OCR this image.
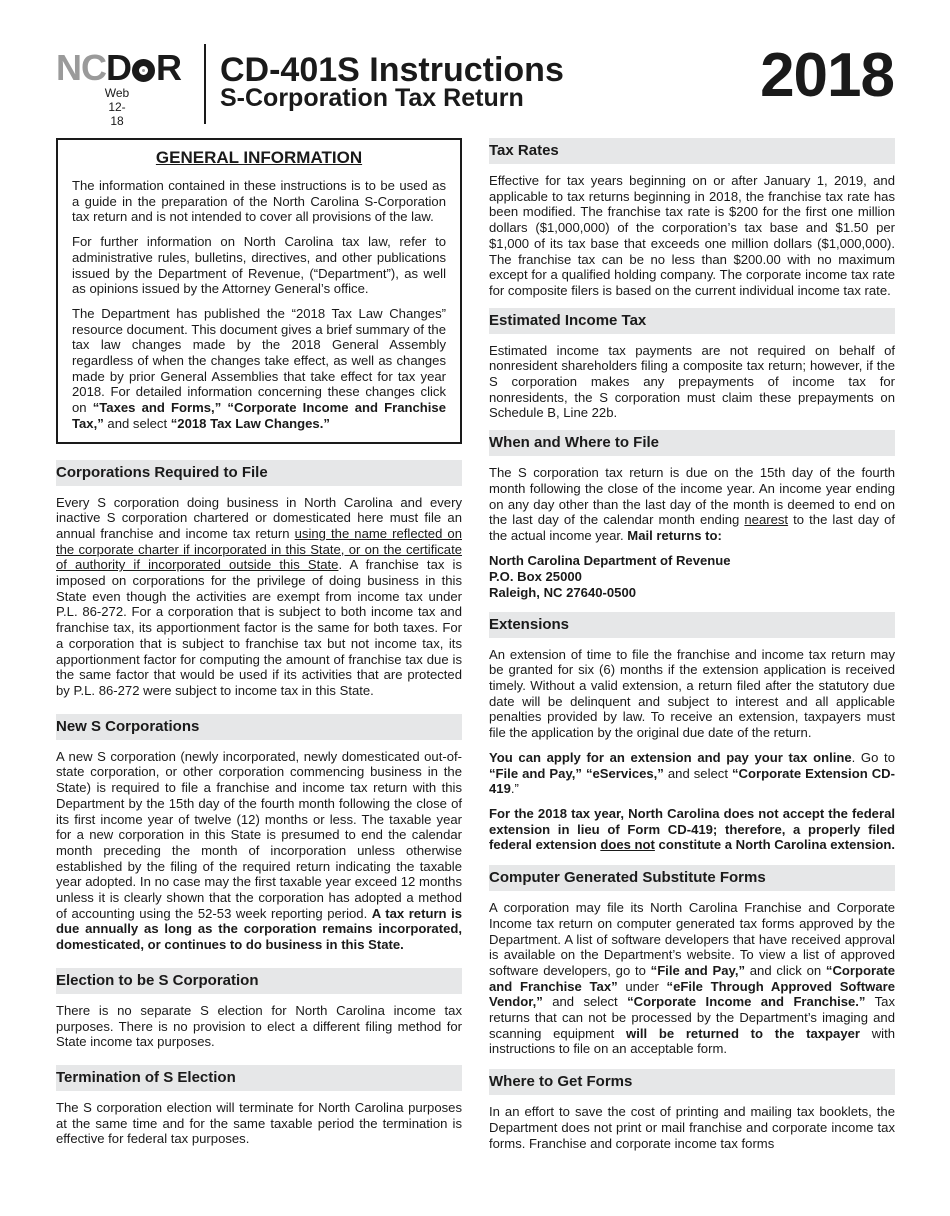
NCD R
Web
12-18
CD-401S Instructions
S-Corporation Tax Return	2018
GENERAL INFORMATION

The information contained in these instructions is to be used as a guide in the preparation of the North Carolina S-Corporation tax return and is not intended to cover all provisions of the law.

For further information on North Carolina tax law, refer to administrative rules, bulletins, directives, and other publications issued by the Department of Revenue, (“Department”), as well as opinions issued by the Attorney General’s office.

The Department has published the “2018 Tax Law Changes” resource document. This document gives a brief summary of the tax law changes made by the 2018 General Assembly regardless of when the changes take effect, as well as changes made by prior General Assemblies that take effect for tax year 2018. For detailed information concerning these changes click on “Taxes and Forms,” “Corporate Income and Franchise Tax,” and select “2018 Tax Law Changes.”

Corporations Required to File

Every S corporation doing business in North Carolina and every inactive S corporation chartered or domesticated here must file an annual franchise and income tax return using the name reflected on the corporate charter if incorporated in this State, or on the certificate of authority if incorporated outside this State. A franchise tax is imposed on corporations for the privilege of doing business in this State even though the activities are exempt from income tax under P.L. 86-272. For a corporation that is subject to both income tax and franchise tax, its apportionment factor is the same for both taxes. For a corporation that is subject to franchise tax but not income tax, its apportionment factor for computing the amount of franchise tax due is the same factor that would be used if its activities that are protected by P.L. 86-272 were subject to income tax in this State.

New S Corporations

A new S corporation (newly incorporated, newly domesticated out-of-state corporation, or other corporation commencing business in the State) is required to file a franchise and income tax return with this Department by the 15th day of the fourth month following the close of its first income year of twelve (12) months or less. The taxable year for a new corporation in this State is presumed to end the calendar month preceding the month of incorporation unless otherwise established by the filing of the required return indicating the taxable year adopted. In no case may the first taxable year exceed 12 months unless it is clearly shown that the corporation has adopted a method of accounting using the 52-53 week reporting period. A tax return is due annually as long as the corporation remains incorporated, domesticated, or continues to do business in this State.

Election to be S Corporation

There is no separate S election for North Carolina income tax purposes. There is no provision to elect a different filing method for State income tax purposes.

Termination of S Election

The S corporation election will terminate for North Carolina purposes at the same time and for the same taxable period the termination is effective for federal tax purposes.

Tax Rates

Effective for tax years beginning on or after January 1, 2019, and applicable to tax returns beginning in 2018, the franchise tax rate has been modified. The franchise tax rate is $200 for the first one million dollars ($1,000,000) of the corporation’s tax base and $1.50 per $1,000 of its tax base that exceeds one million dollars ($1,000,000). The franchise tax can be no less than $200.00 with no maximum except for a qualified holding company. The corporate income tax rate for composite filers is based on the current individual income tax rate.

Estimated Income Tax

Estimated income tax payments are not required on behalf of nonresident shareholders filing a composite tax return; however, if the S corporation makes any prepayments of income tax for nonresidents, the S corporation must claim these prepayments on Schedule B, Line 22b.

When and Where to File

The S corporation tax return is due on the 15th day of the fourth month following the close of the income year. An income year ending on any day other than the last day of the month is deemed to end on the last day of the calendar month ending nearest to the last day of the actual income year. Mail returns to:

North Carolina Department of Revenue
P.O. Box 25000
Raleigh, NC 27640-0500
Extensions

An extension of time to file the franchise and income tax return may be granted for six (6) months if the extension application is received timely. Without a valid extension, a return filed after the statutory due date will be delinquent and subject to interest and all applicable penalties provided by law. To receive an extension, taxpayers must file the application by the original due date of the return.

You can apply for an extension and pay your tax online. Go to “File and Pay,” “eServices,” and select “Corporate Extension CD-419.”

For the 2018 tax year, North Carolina does not accept the federal extension in lieu of Form CD-419; therefore, a properly filed federal extension does not constitute a North Carolina extension.

Computer Generated Substitute Forms

A corporation may file its North Carolina Franchise and Corporate Income tax return on computer generated tax forms approved by the Department. A list of software developers that have received approval is available on the Department’s website. To view a list of approved software developers, go to “File and Pay,” and click on “Corporate and Franchise Tax” under “eFile Through Approved Software Vendor,” and select “Corporate Income and Franchise.” Tax returns that can not be processed by the Department’s imaging and scanning equipment will be returned to the taxpayer with instructions to file on an acceptable form.

Where to Get Forms

In an effort to save the cost of printing and mailing tax booklets, the Department does not print or mail franchise and corporate income tax forms. Franchise and corporate income tax forms
